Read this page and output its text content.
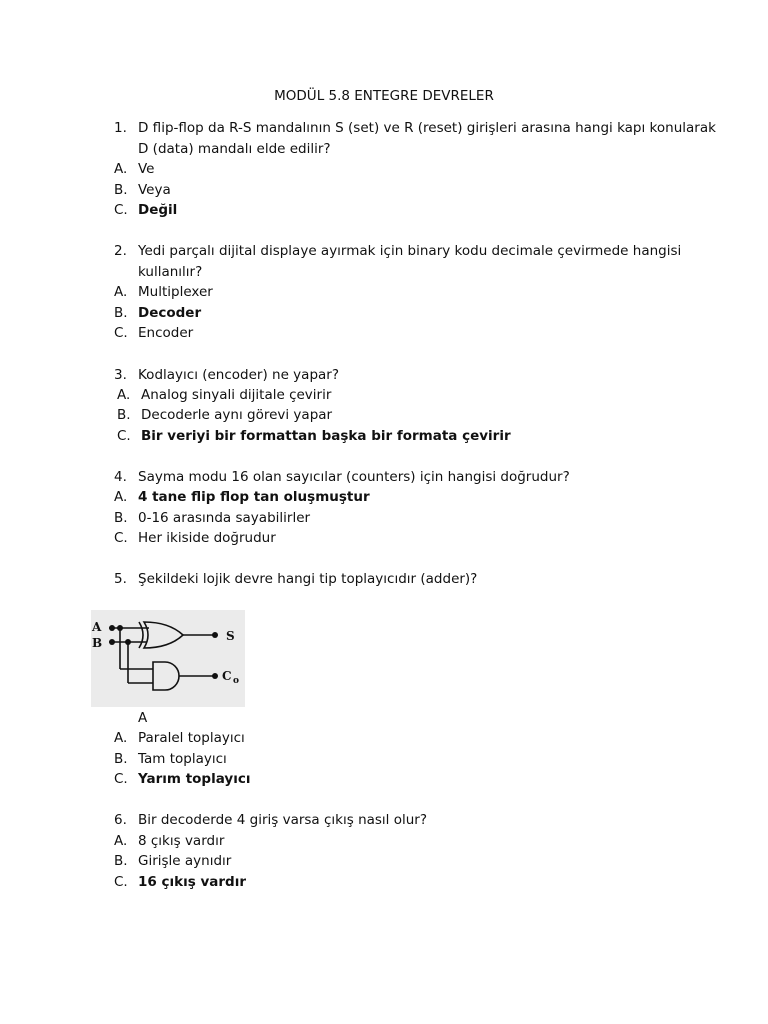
MODÜL 5.8 ENTEGRE DEVRELER
1. D flip-flop da R-S mandalının S (set) ve R (reset) girişleri arasına hangi kapı konularak
D (data) mandalı elde edilir?
A. Ve
B. Veya
C. Değil
2. Yedi parçalı dijital displaye ayırmak için binary kodu decimale çevirmede hangisi
kullanılır?
A. Multiplexer
B. Decoder
C. Encoder
3. Kodlayıcı (encoder) ne yapar?
A. Analog sinyali dijitale çevirir
B. Decoderle aynı görevi yapar
C. Bir veriyi bir formattan başka bir formata çevirir
4. Sayma modu 16 olan sayıcılar (counters) için hangisi doğrudur?
A. 4 tane flip flop tan oluşmuştur
B. 0-16 arasında sayabilirler
C. Her ikiside doğrudur
5. Şekildeki lojik devre hangi tip toplayıcıdır (adder)?
A
B	S
C o
A
A. Paralel toplayıcı
B. Tam toplayıcı
C. Yarım toplayıcı
6. Bir decoderde 4 giriş varsa çıkış nasıl olur?
A. 8 çıkış vardır
B. Girişle aynıdır
C. 16 çıkış vardır
